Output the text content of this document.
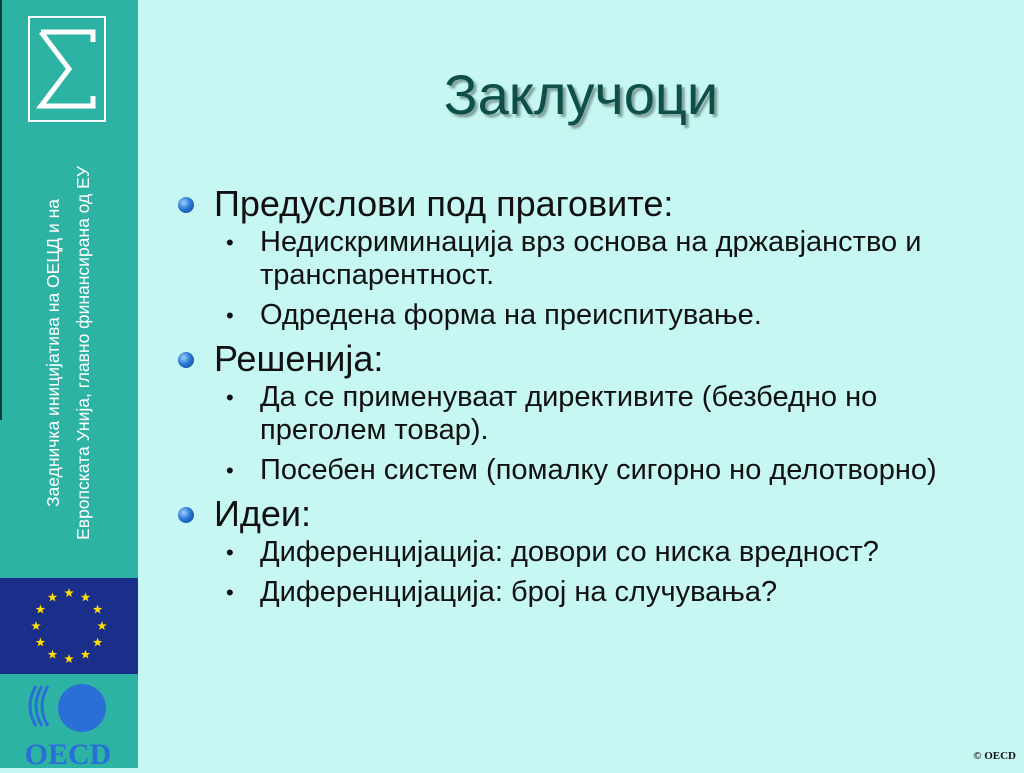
Заедничка иницијатива на ОЕЦД и на Европската Унија, главно финансирана од ЕУ
OECD
Заклучоци
Предуслови под праговите:
• Недискриминација врз основа на државјанство и транспарентност.
• Одредена форма на преиспитување.
Решенија:
• Да се применуваат директивите (безбедно но преголем товар).
• Посебен систем (помалку сигорно но делотворно)
Идеи:
• Диференцијација: довори со ниска вредност?
• Диференцијација: број на случувања?
© OECD
